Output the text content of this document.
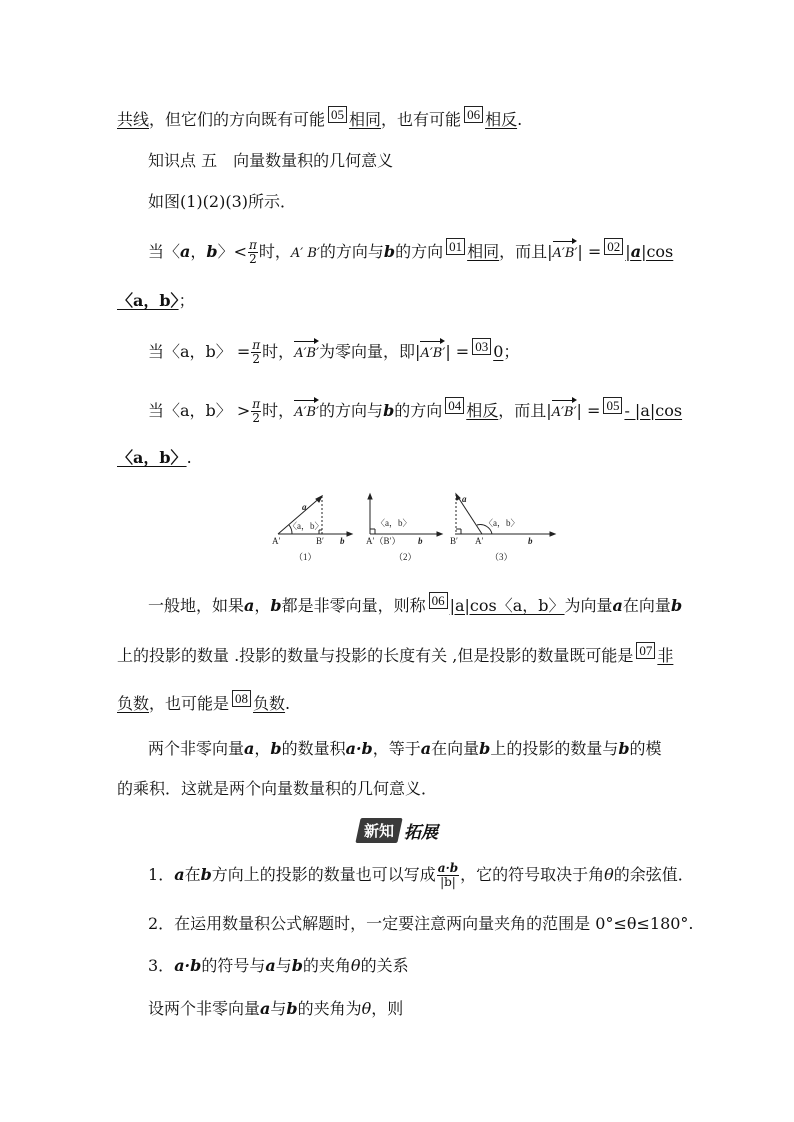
共线，但它们的方向既有可能 05 相同，也有可能 06 相反.
知识点 五　向量数量积的几何意义
如图(1)(2)(3)所示．
当〈a，b〉< $\frac{\pi}{2}$ 时，A′ B′的方向与b的方向 01 相同，而且|A′B′| = 02 |a|cos
〈a，b〉；
当〈a，b〉 = $\frac{\pi}{2}$ 时，A′B′为零向量，即|A′B′| = 03 0；
当〈a，b〉 > $\frac{\pi}{2}$ 时，A′B′的方向与b的方向 04 相反，而且|A′B′| = 05 - |a|cos
〈a，b〉.
a
〈a，b〉
A′	B′ b
（1）
〈a，b〉
A′（B′） b
（2）
a
〈a，b〉
B′ A′	b
（3）
一般地，如果a，b都是非零向量，则称 06 |a|cos〈a，b〉为向量a在向量b
上的投影的数量 .投影的数量与投影的长度有关 ,但是投影的数量既可能是 07 非
负数，也可能是 08 负数.
两个非零向量a，b的数量积a·b，等于a在向量b上的投影的数量与b的模
的乘积．这就是两个向量数量积的几何意义．
新知 拓展
1．a在b方向上的投影的数量也可以写成 $\frac{a\cdot b}{|b|}$ ，它的符号取决于角θ的余弦值．
2．在运用数量积公式解题时，一定要注意两向量夹角的范围是 0°≤θ≤180°.
3．a·b的符号与a与b的夹角θ的关系
设两个非零向量a与b的夹角为θ，则
